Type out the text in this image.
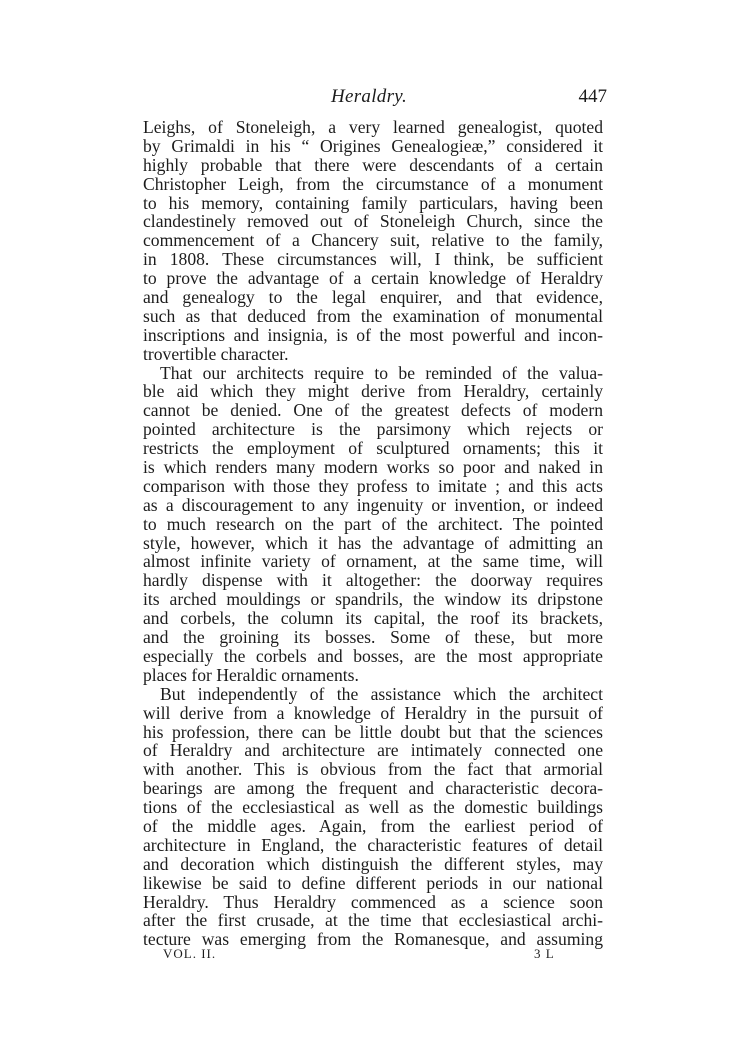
Heraldry.	447
Leighs, of Stoneleigh, a very learned genealogist, quoted
by Grimaldi in his “ Origines Genealogieæ,” considered it
highly probable that there were descendants of a certain
Christopher Leigh, from the circumstance of a monument
to his memory, containing family particulars, having been
clandestinely removed out of Stoneleigh Church, since the
commencement of a Chancery suit, relative to the family,
in 1808. These circumstances will, I think, be sufficient
to prove the advantage of a certain knowledge of Heraldry
and genealogy to the legal enquirer, and that evidence,
such as that deduced from the examination of monumental
inscriptions and insignia, is of the most powerful and incon-
trovertible character.
That our architects require to be reminded of the valua-
ble aid which they might derive from Heraldry, certainly
cannot be denied. One of the greatest defects of modern
pointed architecture is the parsimony which rejects or
restricts the employment of sculptured ornaments; this it
is which renders many modern works so poor and naked in
comparison with those they profess to imitate ; and this acts
as a discouragement to any ingenuity or invention, or indeed
to much research on the part of the architect. The pointed
style, however, which it has the advantage of admitting an
almost infinite variety of ornament, at the same time, will
hardly dispense with it altogether: the doorway requires
its arched mouldings or spandrils, the window its dripstone
and corbels, the column its capital, the roof its brackets,
and the groining its bosses. Some of these, but more
especially the corbels and bosses, are the most appropriate
places for Heraldic ornaments.
But independently of the assistance which the architect
will derive from a knowledge of Heraldry in the pursuit of
his profession, there can be little doubt but that the sciences
of Heraldry and architecture are intimately connected one
with another. This is obvious from the fact that armorial
bearings are among the frequent and characteristic decora-
tions of the ecclesiastical as well as the domestic buildings
of the middle ages. Again, from the earliest period of
architecture in England, the characteristic features of detail
and decoration which distinguish the different styles, may
likewise be said to define different periods in our national
Heraldry. Thus Heraldry commenced as a science soon
after the first crusade, at the time that ecclesiastical archi-
tecture was emerging from the Romanesque, and assuming
VOL. II.	3 L
